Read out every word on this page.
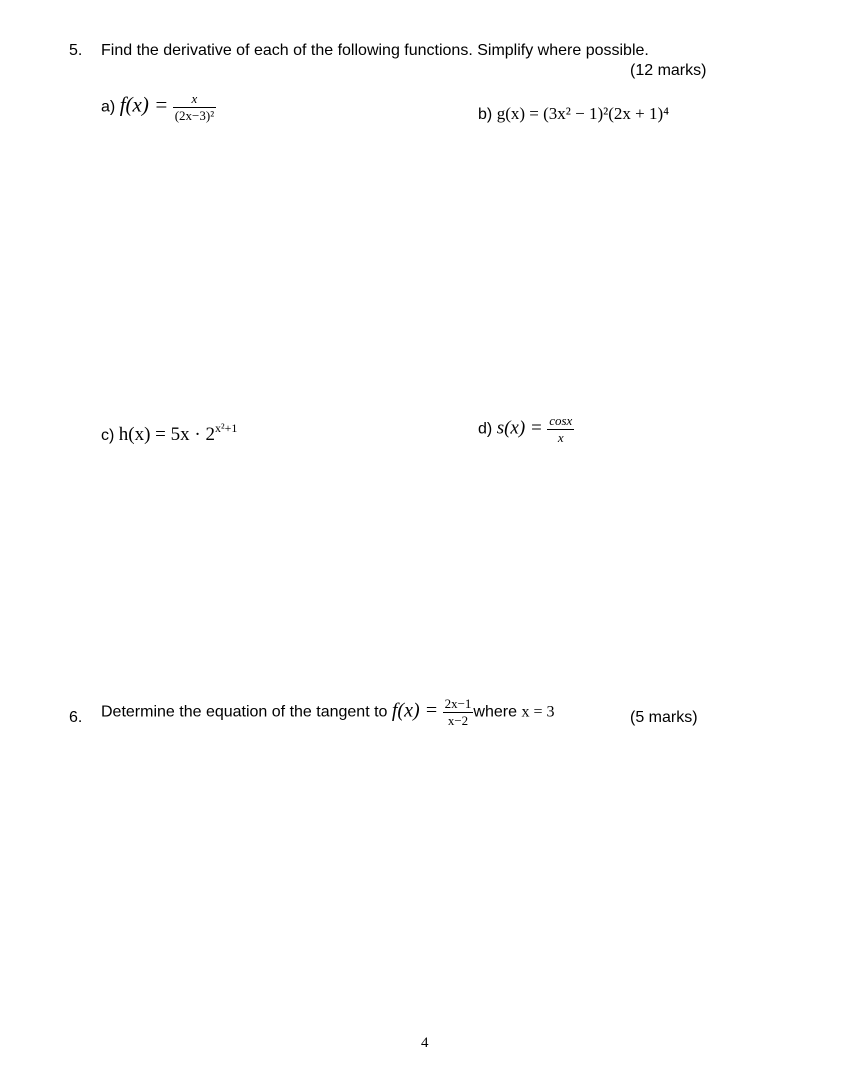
5. Find the derivative of each of the following functions. Simplify where possible.
(12 marks)
a) $f(x) = \frac{x}{\text{(2x−3)²}}$	b) g(x) = (3x² − 1)²(2x + 1)⁴
c) $h(x) = 5x \cdot 2^{x^2+1}$	d) $s(x) = \frac{\cos x}{x}$
6. Determine the equation of the tangent to $f(x) = \frac{2x-1}{x-2}$ where x = 3	(5 marks)
4
